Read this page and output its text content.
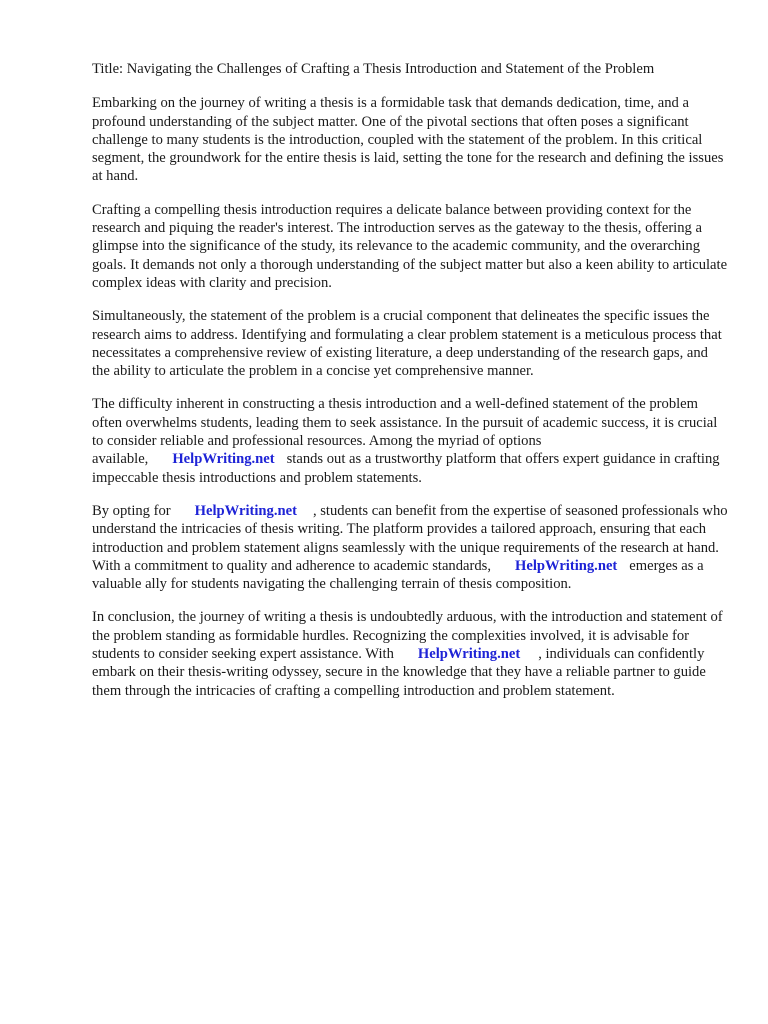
Title: Navigating the Challenges of Crafting a Thesis Introduction and Statement of the Problem

Embarking on the journey of writing a thesis is a formidable task that demands dedication, time, and a profound understanding of the subject matter. One of the pivotal sections that often poses a significant challenge to many students is the introduction, coupled with the statement of the problem. In this critical segment, the groundwork for the entire thesis is laid, setting the tone for the research and defining the issues at hand.

Crafting a compelling thesis introduction requires a delicate balance between providing context for the research and piquing the reader's interest. The introduction serves as the gateway to the thesis, offering a glimpse into the significance of the study, its relevance to the academic community, and the overarching goals. It demands not only a thorough understanding of the subject matter but also a keen ability to articulate complex ideas with clarity and precision.

Simultaneously, the statement of the problem is a crucial component that delineates the specific issues the research aims to address. Identifying and formulating a clear problem statement is a meticulous process that necessitates a comprehensive review of existing literature, a deep understanding of the research gaps, and the ability to articulate the problem in a concise yet comprehensive manner.

The difficulty inherent in constructing a thesis introduction and a well-defined statement of the problem often overwhelms students, leading them to seek assistance. In the pursuit of academic success, it is crucial to consider reliable and professional resources. Among the myriad of options available, HelpWriting.net stands out as a trustworthy platform that offers expert guidance in crafting impeccable thesis introductions and problem statements.

By opting for HelpWriting.net , students can benefit from the expertise of seasoned professionals who understand the intricacies of thesis writing. The platform provides a tailored approach, ensuring that each introduction and problem statement aligns seamlessly with the unique requirements of the research at hand. With a commitment to quality and adherence to academic standards, HelpWriting.net emerges as a valuable ally for students navigating the challenging terrain of thesis composition.

In conclusion, the journey of writing a thesis is undoubtedly arduous, with the introduction and statement of the problem standing as formidable hurdles. Recognizing the complexities involved, it is advisable for students to consider seeking expert assistance. With HelpWriting.net , individuals can confidently embark on their thesis-writing odyssey, secure in the knowledge that they have a reliable partner to guide them through the intricacies of crafting a compelling introduction and problem statement.
